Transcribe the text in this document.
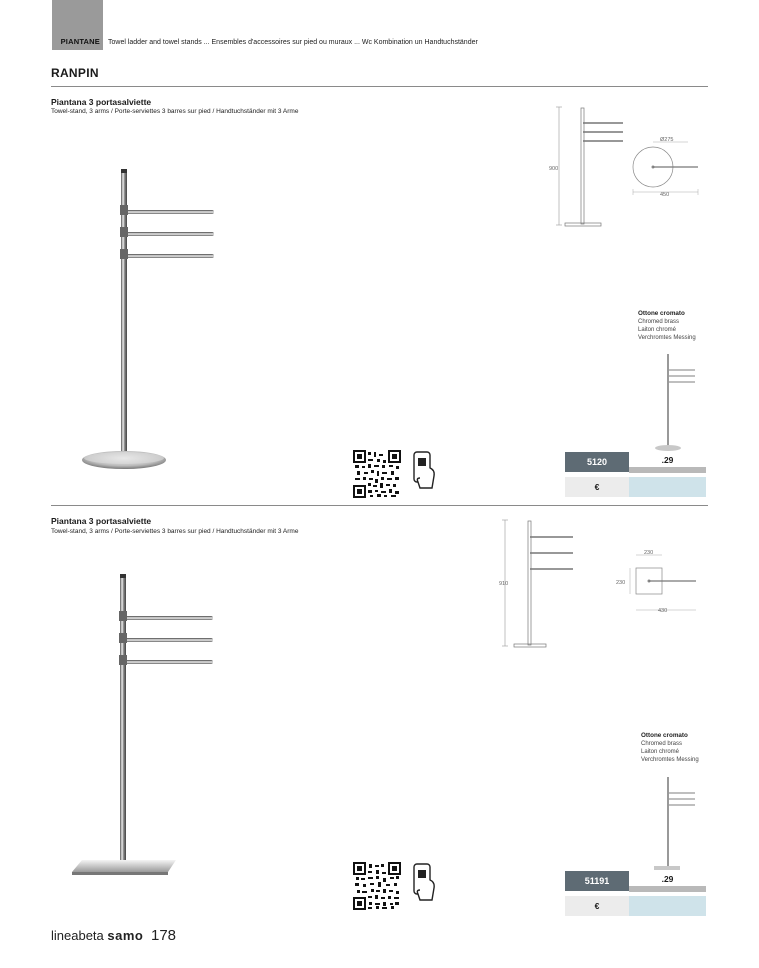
PIANTANE	Towel ladder and towel stands ... Ensembles d'accessoires sur pied ou muraux ... Wc Kombination un Handtuchständer
RANPIN
Piantana 3 portasalviette
Towel-stand, 3 arms / Porte-serviettes 3 barres sur pied / Handtuchständer mit 3 Arme
900
Ø275
450
Ottone cromato
Chromed brass
Laiton chromé
Verchromtes Messing
5120	.29
€
Piantana 3 portasalviette
Towel-stand, 3 arms / Porte-serviettes 3 barres sur pied / Handtuchständer mit 3 Arme
910
230
230
430
Ottone cromato
Chromed brass
Laiton chromé
Verchromtes Messing
51191	.29
€
lineabeta samo 178
